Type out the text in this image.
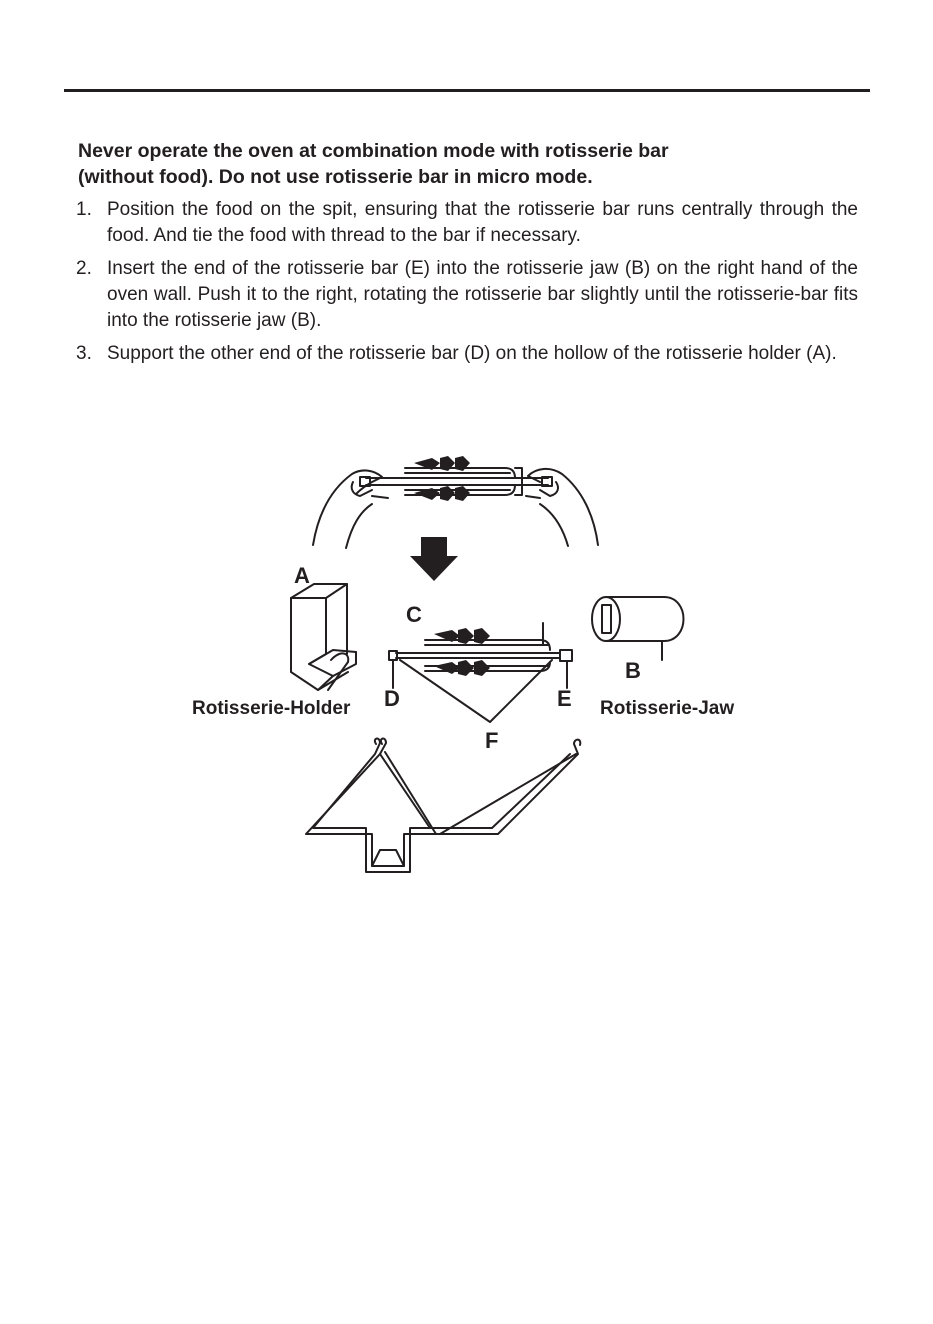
Never operate the oven at combination mode with rotisserie bar
(without food). Do not use rotisserie bar in micro mode.
1. Position the food on the spit, ensuring that the rotisserie bar runs centrally through the food. And tie the food with thread to the bar if necessary.
2. Insert the end of the rotisserie bar (E) into the rotisserie jaw (B) on the right hand of the oven wall. Push it to the right, rotating the rotisserie bar slightly until the rotisserie-bar fits into the rotisserie jaw (B).
3. Support the other end of the rotisserie bar (D) on the hollow of the rotisserie holder (A).
A
C
B
D	E
F
Rotisserie-Holder	Rotisserie-Jaw
